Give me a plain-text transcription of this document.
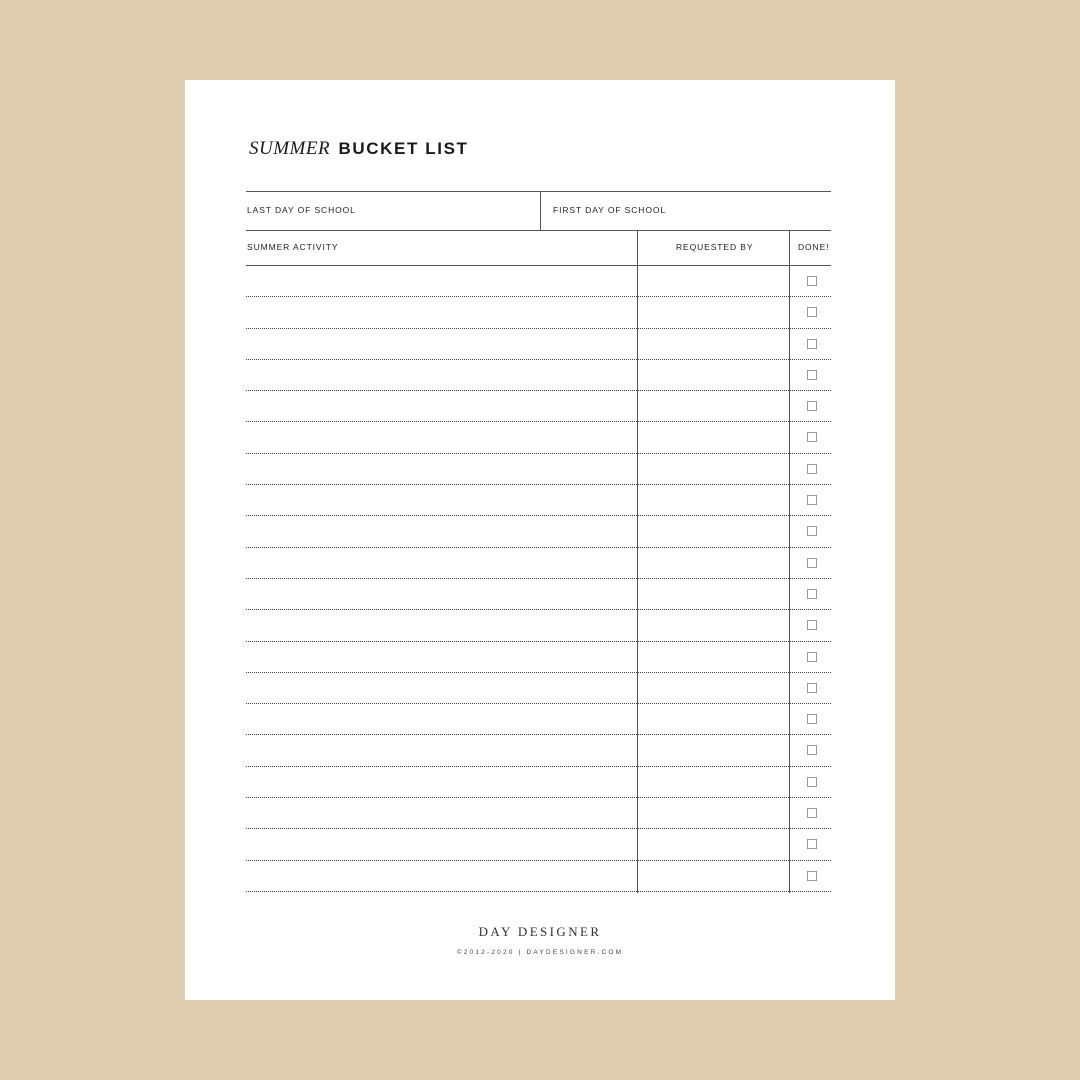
SUMMER BUCKET LIST
LAST DAY OF SCHOOL	FIRST DAY OF SCHOOL
SUMMER ACTIVITY	REQUESTED BY	DONE!
DAY DESIGNER
©2012-2020 | DAYDESIGNER.COM
